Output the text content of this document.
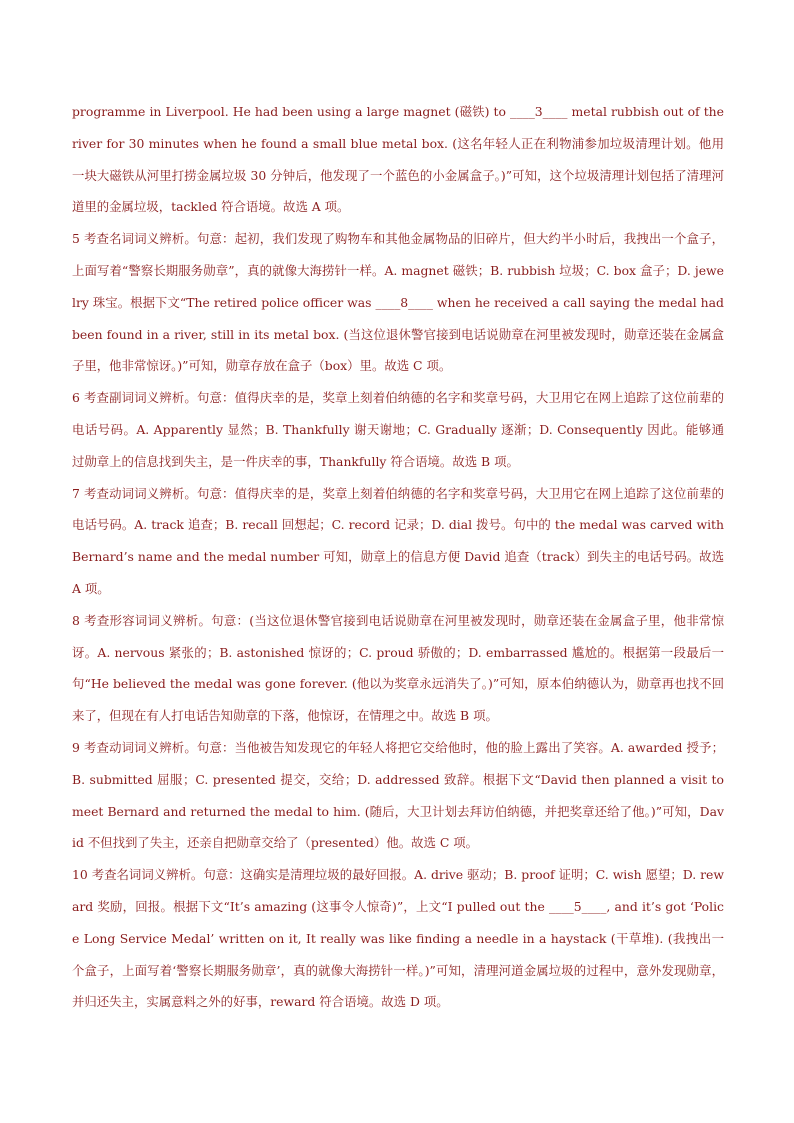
programme in Liverpool. He had been using a large magnet (磁铁) to ____3____ metal rubbish out of the river for 30 minutes when he found a small blue metal box. (这名年轻人正在利物浦参加垃圾清理计划。他用一块大磁铁从河里打捞金属垃圾 30 分钟后，他发现了一个蓝色的小金属盒子。)”可知，这个垃圾清理计划包括了清理河道里的金属垃圾，tackled 符合语境。故选 A 项。

5 考查名词词义辨析。句意：起初，我们发现了购物车和其他金属物品的旧碎片，但大约半小时后，我拽出一个盒子，上面写着“警察长期服务勋章”，真的就像大海捞针一样。A. magnet 磁铁；B. rubbish 垃圾；C. box 盒子；D. jewelry 珠宝。根据下文“The retired police officer was ____8____ when he received a call saying the medal had been found in a river, still in its metal box. (当这位退休警官接到电话说勋章在河里被发现时，勋章还装在金属盒子里，他非常惊讶。)”可知，勋章存放在盒子（box）里。故选 C 项。

6 考查副词词义辨析。句意：值得庆幸的是，奖章上刻着伯纳德的名字和奖章号码，大卫用它在网上追踪了这位前辈的电话号码。A. Apparently 显然；B. Thankfully 谢天谢地；C. Gradually 逐渐；D. Consequently 因此。能够通过勋章上的信息找到失主，是一件庆幸的事，Thankfully 符合语境。故选 B 项。

7 考查动词词义辨析。句意：值得庆幸的是，奖章上刻着伯纳德的名字和奖章号码，大卫用它在网上追踪了这位前辈的电话号码。A. track 追查；B. recall 回想起；C. record 记录；D. dial 拨号。句中的 the medal was carved with Bernard’s name and the medal number 可知，勋章上的信息方便 David 追查（track）到失主的电话号码。故选 A 项。

8 考查形容词词义辨析。句意：(当这位退休警官接到电话说勋章在河里被发现时，勋章还装在金属盒子里，他非常惊讶。A. nervous 紧张的；B. astonished 惊讶的；C. proud 骄傲的；D. embarrassed 尴尬的。根据第一段最后一句“He believed the medal was gone forever. (他以为奖章永远消失了。)”可知，原本伯纳德认为，勋章再也找不回来了，但现在有人打电话告知勋章的下落，他惊讶，在情理之中。故选 B 项。

9 考查动词词义辨析。句意：当他被告知发现它的年轻人将把它交给他时，他的脸上露出了笑容。A. awarded 授予；B. submitted 屈服；C. presented 提交，交给；D. addressed 致辞。根据下文“David then planned a visit to meet Bernard and returned the medal to him. (随后，大卫计划去拜访伯纳德，并把奖章还给了他。)”可知，David 不但找到了失主，还亲自把勋章交给了（presented）他。故选 C 项。

10 考查名词词义辨析。句意：这确实是清理垃圾的最好回报。A. drive 驱动；B. proof 证明；C. wish 愿望；D. reward 奖励，回报。根据下文“It’s amazing (这事令人惊奇)”，上文“I pulled out the ____5____, and it’s got ‘Police Long Service Medal’ written on it, It really was like finding a needle in a haystack (干草堆). (我拽出一个盒子，上面写着‘警察长期服务勋章’，真的就像大海捞针一样。)”可知，清理河道金属垃圾的过程中，意外发现勋章，并归还失主，实属意料之外的好事，reward 符合语境。故选 D 项。
